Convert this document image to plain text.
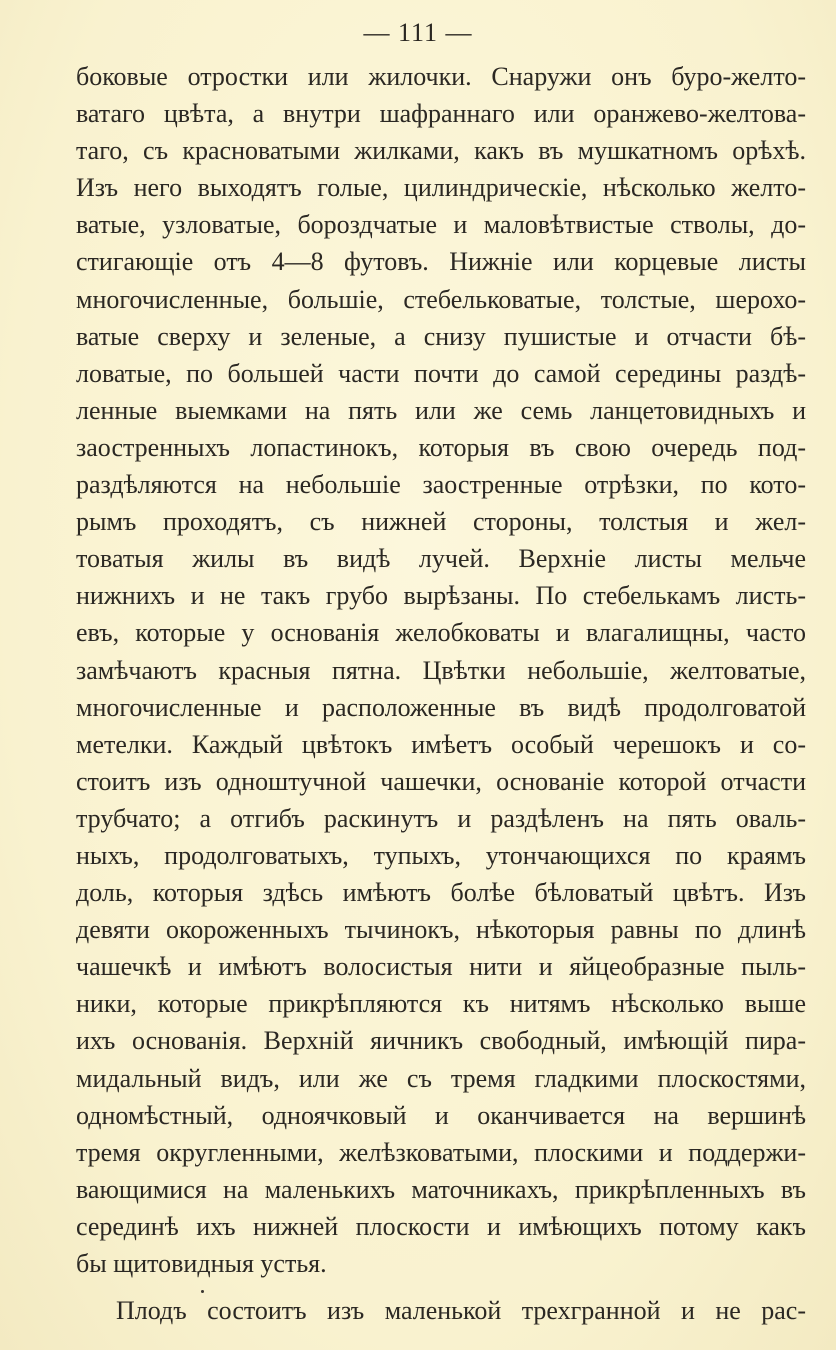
— 111 —
боковые отростки или жилочки. Снаружи онъ буро-желто-
ватаго цвѣта, а внутри шафраннаго или оранжево-желтова-
таго, съ красноватыми жилками, какъ въ мушкатномъ орѣхѣ.
Изъ него выходятъ голые, цилиндрическіе, нѣсколько желто-
ватые, узловатые, бороздчатые и маловѣтвистые стволы, до-
стигающіе отъ 4—8 футовъ. Нижніе или корцевые листы
многочисленные, большіе, стебельковатые, толстые, шерохо-
ватые сверху и зеленые, а снизу пушистые и отчасти бѣ-
ловатые, по большей части почти до самой середины раздѣ-
ленные выемками на пять или же семь ланцетовидныхъ и
заостренныхъ лопастинокъ, которыя въ свою очередь под-
раздѣляются на небольшіе заостренные отрѣзки, по кото-
рымъ проходятъ, съ нижней стороны, толстыя и жел-
товатыя жилы въ видѣ лучей. Верхніе листы мельче
нижнихъ и не такъ грубо вырѣзаны. По стебелькамъ листь-
евъ, которые у основанія желобковаты и влагалищны, часто
замѣчаютъ красныя пятна. Цвѣтки небольшіе, желтоватые,
многочисленные и расположенные въ видѣ продолговатой
метелки. Каждый цвѣтокъ имѣетъ особый черешокъ и со-
стоитъ изъ одноштучной чашечки, основаніе которой отчасти
трубчато; а отгибъ раскинутъ и раздѣленъ на пять оваль-
ныхъ, продолговатыхъ, тупыхъ, утончающихся по краямъ
доль, которыя здѣсь имѣютъ болѣе бѣловатый цвѣтъ. Изъ
девяти окороженныхъ тычинокъ, нѣкоторыя равны по длинѣ
чашечкѣ и имѣютъ волосистыя нити и яйцеобразные пыль-
ники, которые прикрѣпляются къ нитямъ нѣсколько выше
ихъ основанія. Верхній яичникъ свободный, имѣющій пира-
мидальный видъ, или же съ тремя гладкими плоскостями,
одномѣстный, одноячковый и оканчивается на вершинѣ
тремя округленными, желѣзковатыми, плоскими и поддержи-
вающимися на маленькихъ маточникахъ, прикрѣпленныхъ въ
серединѣ ихъ нижней плоскости и имѣющихъ потому какъ
бы щитовидныя устья.
Плодъ состоитъ изъ маленькой трехгранной и не рас-
